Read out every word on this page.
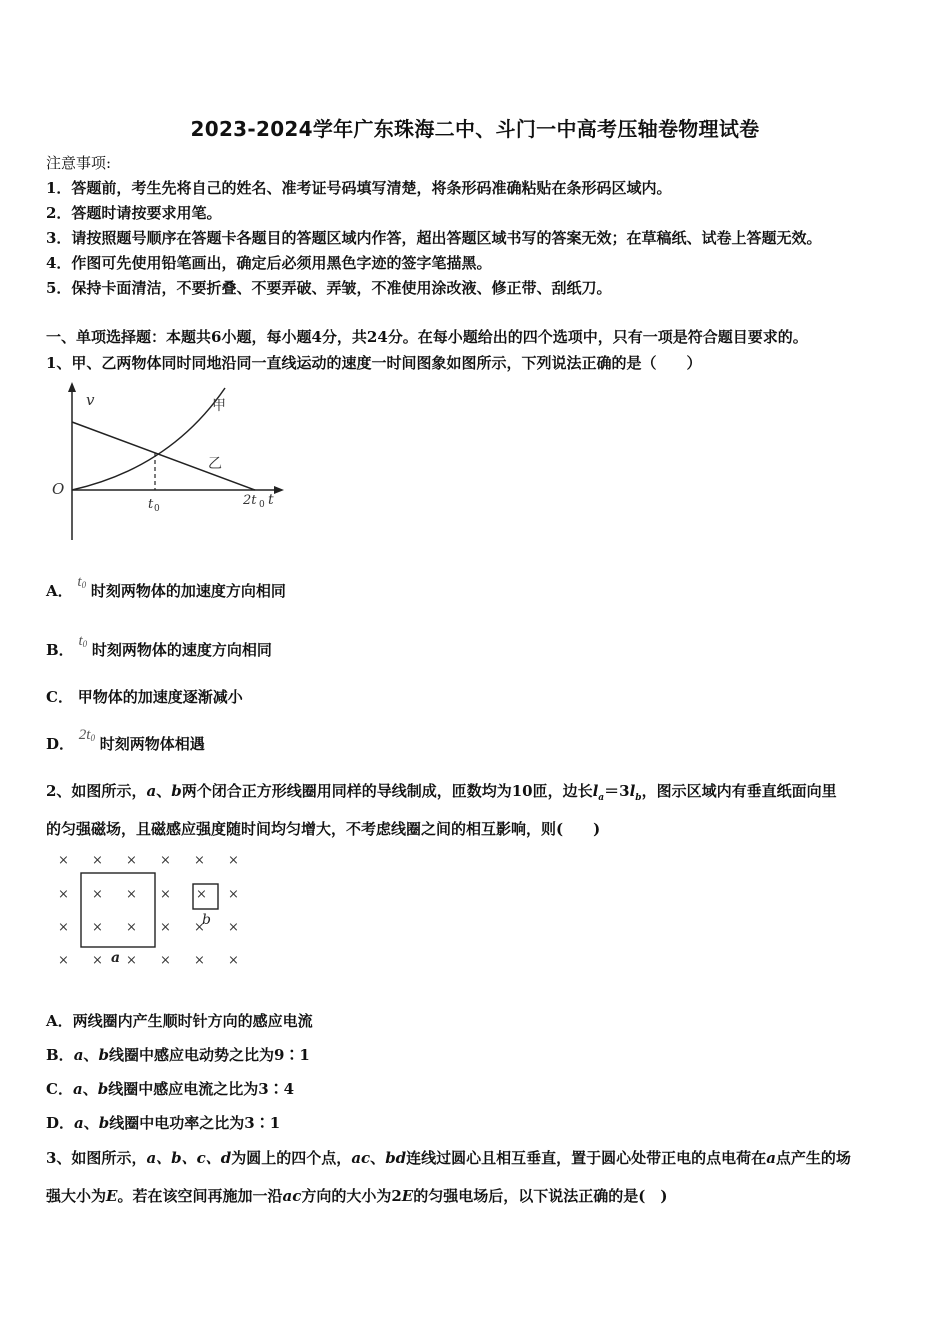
2023-2024学年广东珠海二中、斗门一中高考压轴卷物理试卷
注意事项:
1．答题前，考生先将自己的姓名、准考证号码填写清楚，将条形码准确粘贴在条形码区域内。
2．答题时请按要求用笔。
3．请按照题号顺序在答题卡各题目的答题区域内作答，超出答题区域书写的答案无效；在草稿纸、试卷上答题无效。
4．作图可先使用铅笔画出，确定后必须用黑色字迹的签字笔描黑。
5．保持卡面清洁，不要折叠、不要弄破、弄皱，不准使用涂改液、修正带、刮纸刀。
一、单项选择题：本题共6小题，每小题4分，共24分。在每小题给出的四个选项中，只有一项是符合题目要求的。
1、甲、乙两物体同时同地沿同一直线运动的速度一时间图象如图所示，下列说法正确的是（　　）
v
O
甲
乙
t 0
2t 0 t
A． $t^0$ 时刻两物体的加速度方向相同
B． $t^0$ 时刻两物体的速度方向相同
C． 甲物体的加速度逐渐减小
D． $2t^0$ 时刻两物体相遇
2、如图所示，a、b两个闭合正方形线圈用同样的导线制成，匝数均为10匝，边长$l_a=3l_b$，图示区域内有垂直纸面向里
的匀强磁场，且磁感应强度随时间均匀增大，不考虑线圈之间的相互影响，则(　　)
× × × × × ×
× × × × × ×
× × × × × ×
× × × × × ×
a
b
A．两线圈内产生顺时针方向的感应电流
B．a、b线圈中感应电动势之比为9∶1
C．a、b线圈中感应电流之比为3∶4
D．a、b线圈中电功率之比为3∶1
3、如图所示，a、b、c、d为圆上的四个点，ac、bd连线过圆心且相互垂直，置于圆心处带正电的点电荷在a点产生的场
强大小为E。若在该空间再施加一沿ac方向的大小为2E的匀强电场后，以下说法正确的是(　)
